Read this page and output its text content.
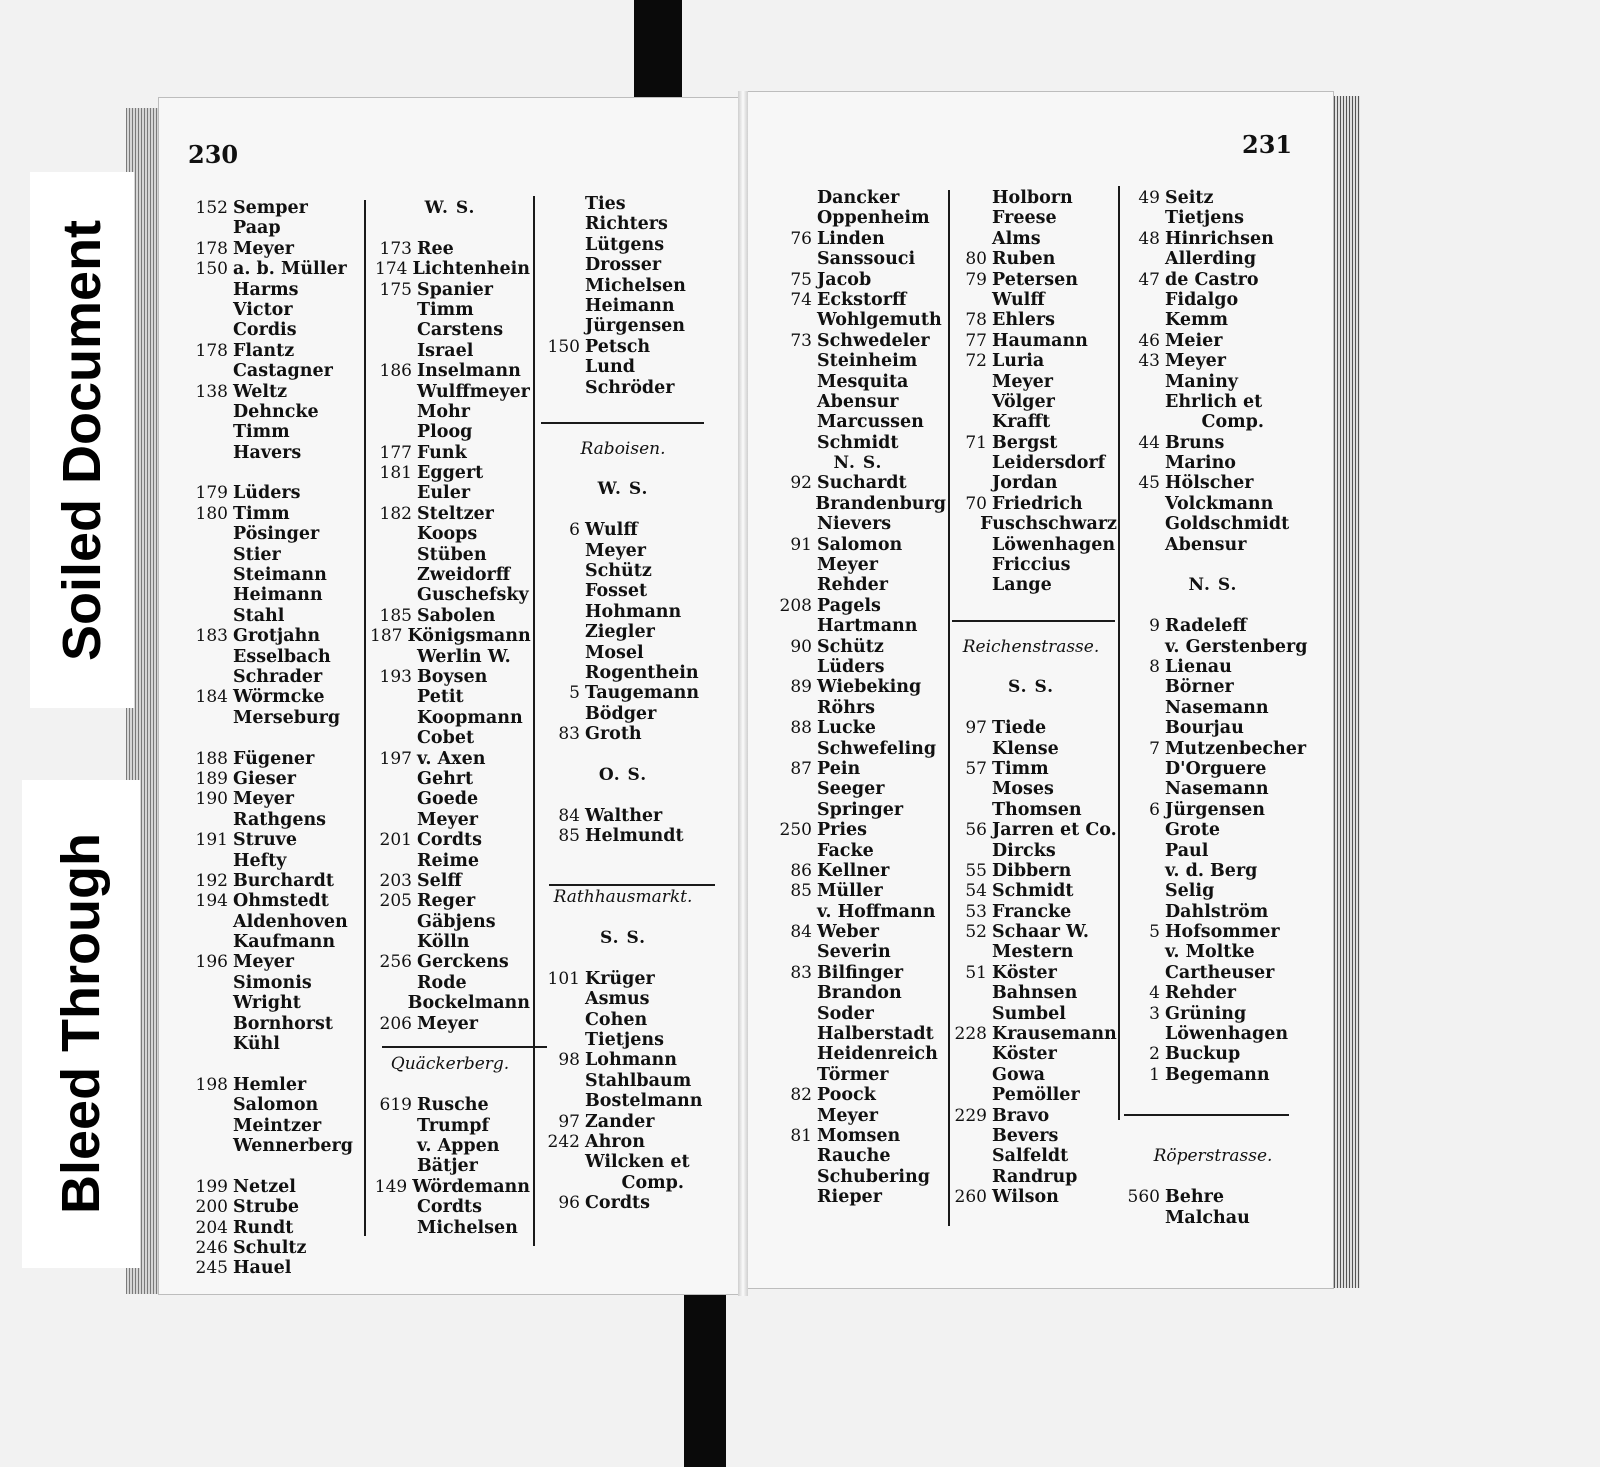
230	231
152 Semper
Paap
178 Meyer
150 a. b. Müller
Harms
Victor
Cordis
178 Flantz
Castagner
138 Weltz
Dehncke
Timm
Havers
179 Lüders
180 Timm
Pösinger
Stier
Steimann
Heimann
Stahl
183 Grotjahn
Esselbach
Schrader
184 Wörmcke
Merseburg
188 Fügener
189 Gieser
190 Meyer
Rathgens
191 Struve
Hefty
192 Burchardt
194 Ohmstedt
Aldenhoven
Kaufmann
196 Meyer
Simonis
Wright
Bornhorst
Kühl
198 Hemler
Salomon
Meintzer
Wennerberg
199 Netzel
200 Strube
204 Rundt
246 Schultz
245 Hauel
W. S.
173 Ree
174 Lichtenhein
175 Spanier
Timm
Carstens
Israel
186 Inselmann
Wulffmeyer
Mohr
Ploog
177 Funk
181 Eggert
Euler
182 Steltzer
Koops
Stüben
Zweidorff
Guschefsky
185 Sabolen
187 Königsmann
Werlin W.
193 Boysen
Petit
Koopmann
Cobet
197 v. Axen
Gehrt
Goede
Meyer
201 Cordts
Reime
203 Selff
205 Reger
Gäbjens
Kölln
256 Gerckens
Rode
Bockelmann
206 Meyer
Quäckerberg.
619 Rusche
Trumpf
v. Appen
Bätjer
149 Wördemann
Cordts
Michelsen
Ties
Richters
Lütgens
Drosser
Michelsen
Heimann
Jürgensen
150 Petsch
Lund
Schröder
Raboisen.
W. S.
6 Wulff
Meyer
Schütz
Fosset
Hohmann
Ziegler
Mosel
Rogenthein
5 Taugemann
Bödger
83 Groth
O. S.
84 Walther
85 Helmundt
Rathhausmarkt.
S. S.
101 Krüger
Asmus
Cohen
Tietjens
98 Lohmann
Stahlbaum
Bostelmann
97 Zander
242 Ahron
Wilcken et
Comp.
96 Cordts
Dancker
Oppenheim
76 Linden
Sanssouci
75 Jacob
74 Eckstorff
Wohlgemuth
73 Schwedeler
Steinheim
Mesquita
Abensur
Marcussen
Schmidt
N. S.
92 Suchardt
Brandenburg
Nievers
91 Salomon
Meyer
Rehder
208 Pagels
Hartmann
90 Schütz
Lüders
89 Wiebeking
Röhrs
88 Lucke
Schwefeling
87 Pein
Seeger
Springer
250 Pries
Facke
86 Kellner
85 Müller
v. Hoffmann
84 Weber
Severin
83 Bilfinger
Brandon
Soder
Halberstadt
Heidenreich
Törmer
82 Poock
Meyer
81 Momsen
Rauche
Schubering
Rieper
Holborn
Freese
Alms
80 Ruben
79 Petersen
Wulff
78 Ehlers
77 Haumann
72 Luria
Meyer
Völger
Krafft
71 Bergst
Leidersdorf
Jordan
70 Friedrich
Fuschschwarz
Löwenhagen
Friccius
Lange
Reichenstrasse.
S. S.
97 Tiede
Klense
57 Timm
Moses
Thomsen
56 Jarren et Co.
Dircks
55 Dibbern
54 Schmidt
53 Francke
52 Schaar W.
Mestern
51 Köster
Bahnsen
Sumbel
228 Krausemann
Köster
Gowa
Pemöller
229 Bravo
Bevers
Salfeldt
Randrup
260 Wilson
49 Seitz
Tietjens
48 Hinrichsen
Allerding
47 de Castro
Fidalgo
Kemm
46 Meier
43 Meyer
Maniny
Ehrlich et
Comp.
44 Bruns
Marino
45 Hölscher
Volckmann
Goldschmidt
Abensur
N. S.
9 Radeleff
v. Gerstenberg
8 Lienau
Börner
Nasemann
Bourjau
7 Mutzenbecher
D'Orguere
Nasemann
6 Jürgensen
Grote
Paul
v. d. Berg
Selig
Dahlström
5 Hofsommer
v. Moltke
Cartheuser
4 Rehder
3 Grüning
Löwenhagen
2 Buckup
1 Begemann
Röperstrasse.
560 Behre
Malchau
Soiled Document
Bleed Through
